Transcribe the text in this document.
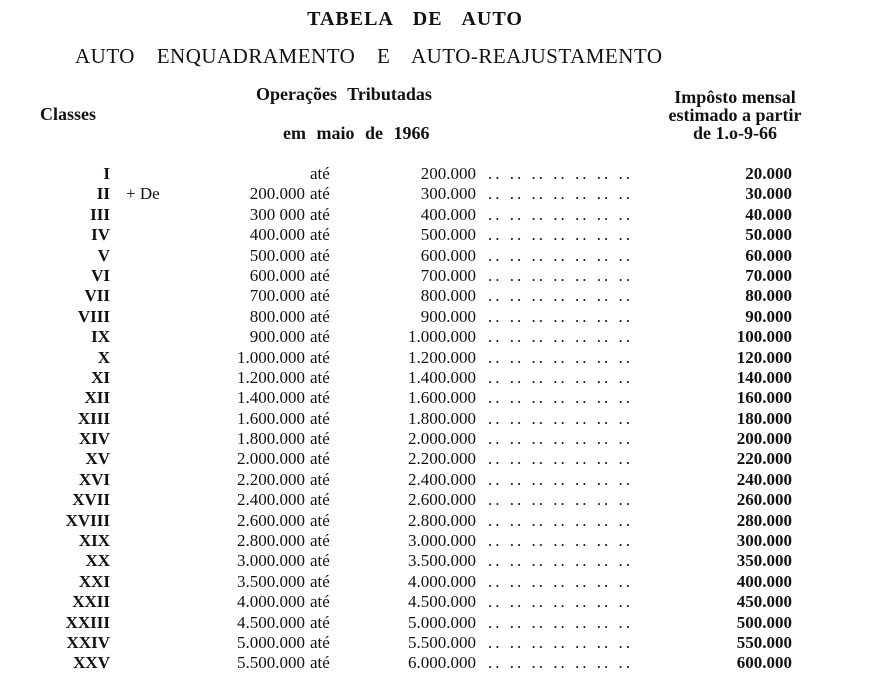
TABELA DE AUTO
AUTO ENQUADRAMENTO E AUTO-REAJUSTAMENTO
Classes
Operações Tributadas
em maio de 1966
Impôsto mensal
estimado a partir
de 1.o-9-66
I	até	200.000 .. .. .. .. .. .. ..	20.000
II + De	200.000 até	300.000 .. .. .. .. .. .. ..	30.000
III	300 000 até	400.000 .. .. .. .. .. .. ..	40.000
IV	400.000 até	500.000 .. .. .. .. .. .. ..	50.000
V	500.000 até	600.000 .. .. .. .. .. .. ..	60.000
VI	600.000 até	700.000 .. .. .. .. .. .. ..	70.000
VII	700.000 até	800.000 .. .. .. .. .. .. ..	80.000
VIII	800.000 até	900.000 .. .. .. .. .. .. ..	90.000
IX	900.000 até	1.000.000 .. .. .. .. .. .. ..	100.000
X	1.000.000 até	1.200.000 .. .. .. .. .. .. ..	120.000
XI	1.200.000 até	1.400.000 .. .. .. .. .. .. ..	140.000
XII	1.400.000 até	1.600.000 .. .. .. .. .. .. ..	160.000
XIII	1.600.000 até	1.800.000 .. .. .. .. .. .. ..	180.000
XIV	1.800.000 até	2.000.000 .. .. .. .. .. .. ..	200.000
XV	2.000.000 até	2.200.000 .. .. .. .. .. .. ..	220.000
XVI	2.200.000 até	2.400.000 .. .. .. .. .. .. ..	240.000
XVII	2.400.000 até	2.600.000 .. .. .. .. .. .. ..	260.000
XVIII	2.600.000 até	2.800.000 .. .. .. .. .. .. ..	280.000
XIX	2.800.000 até	3.000.000 .. .. .. .. .. .. ..	300.000
XX	3.000.000 até	3.500.000 .. .. .. .. .. .. ..	350.000
XXI	3.500.000 até	4.000.000 .. .. .. .. .. .. ..	400.000
XXII	4.000.000 até	4.500.000 .. .. .. .. .. .. ..	450.000
XXIII	4.500.000 até	5.000.000 .. .. .. .. .. .. ..	500.000
XXIV	5.000.000 até	5.500.000 .. .. .. .. .. .. ..	550.000
XXV	5.500.000 até	6.000.000 .. .. .. .. .. .. ..	600.000
